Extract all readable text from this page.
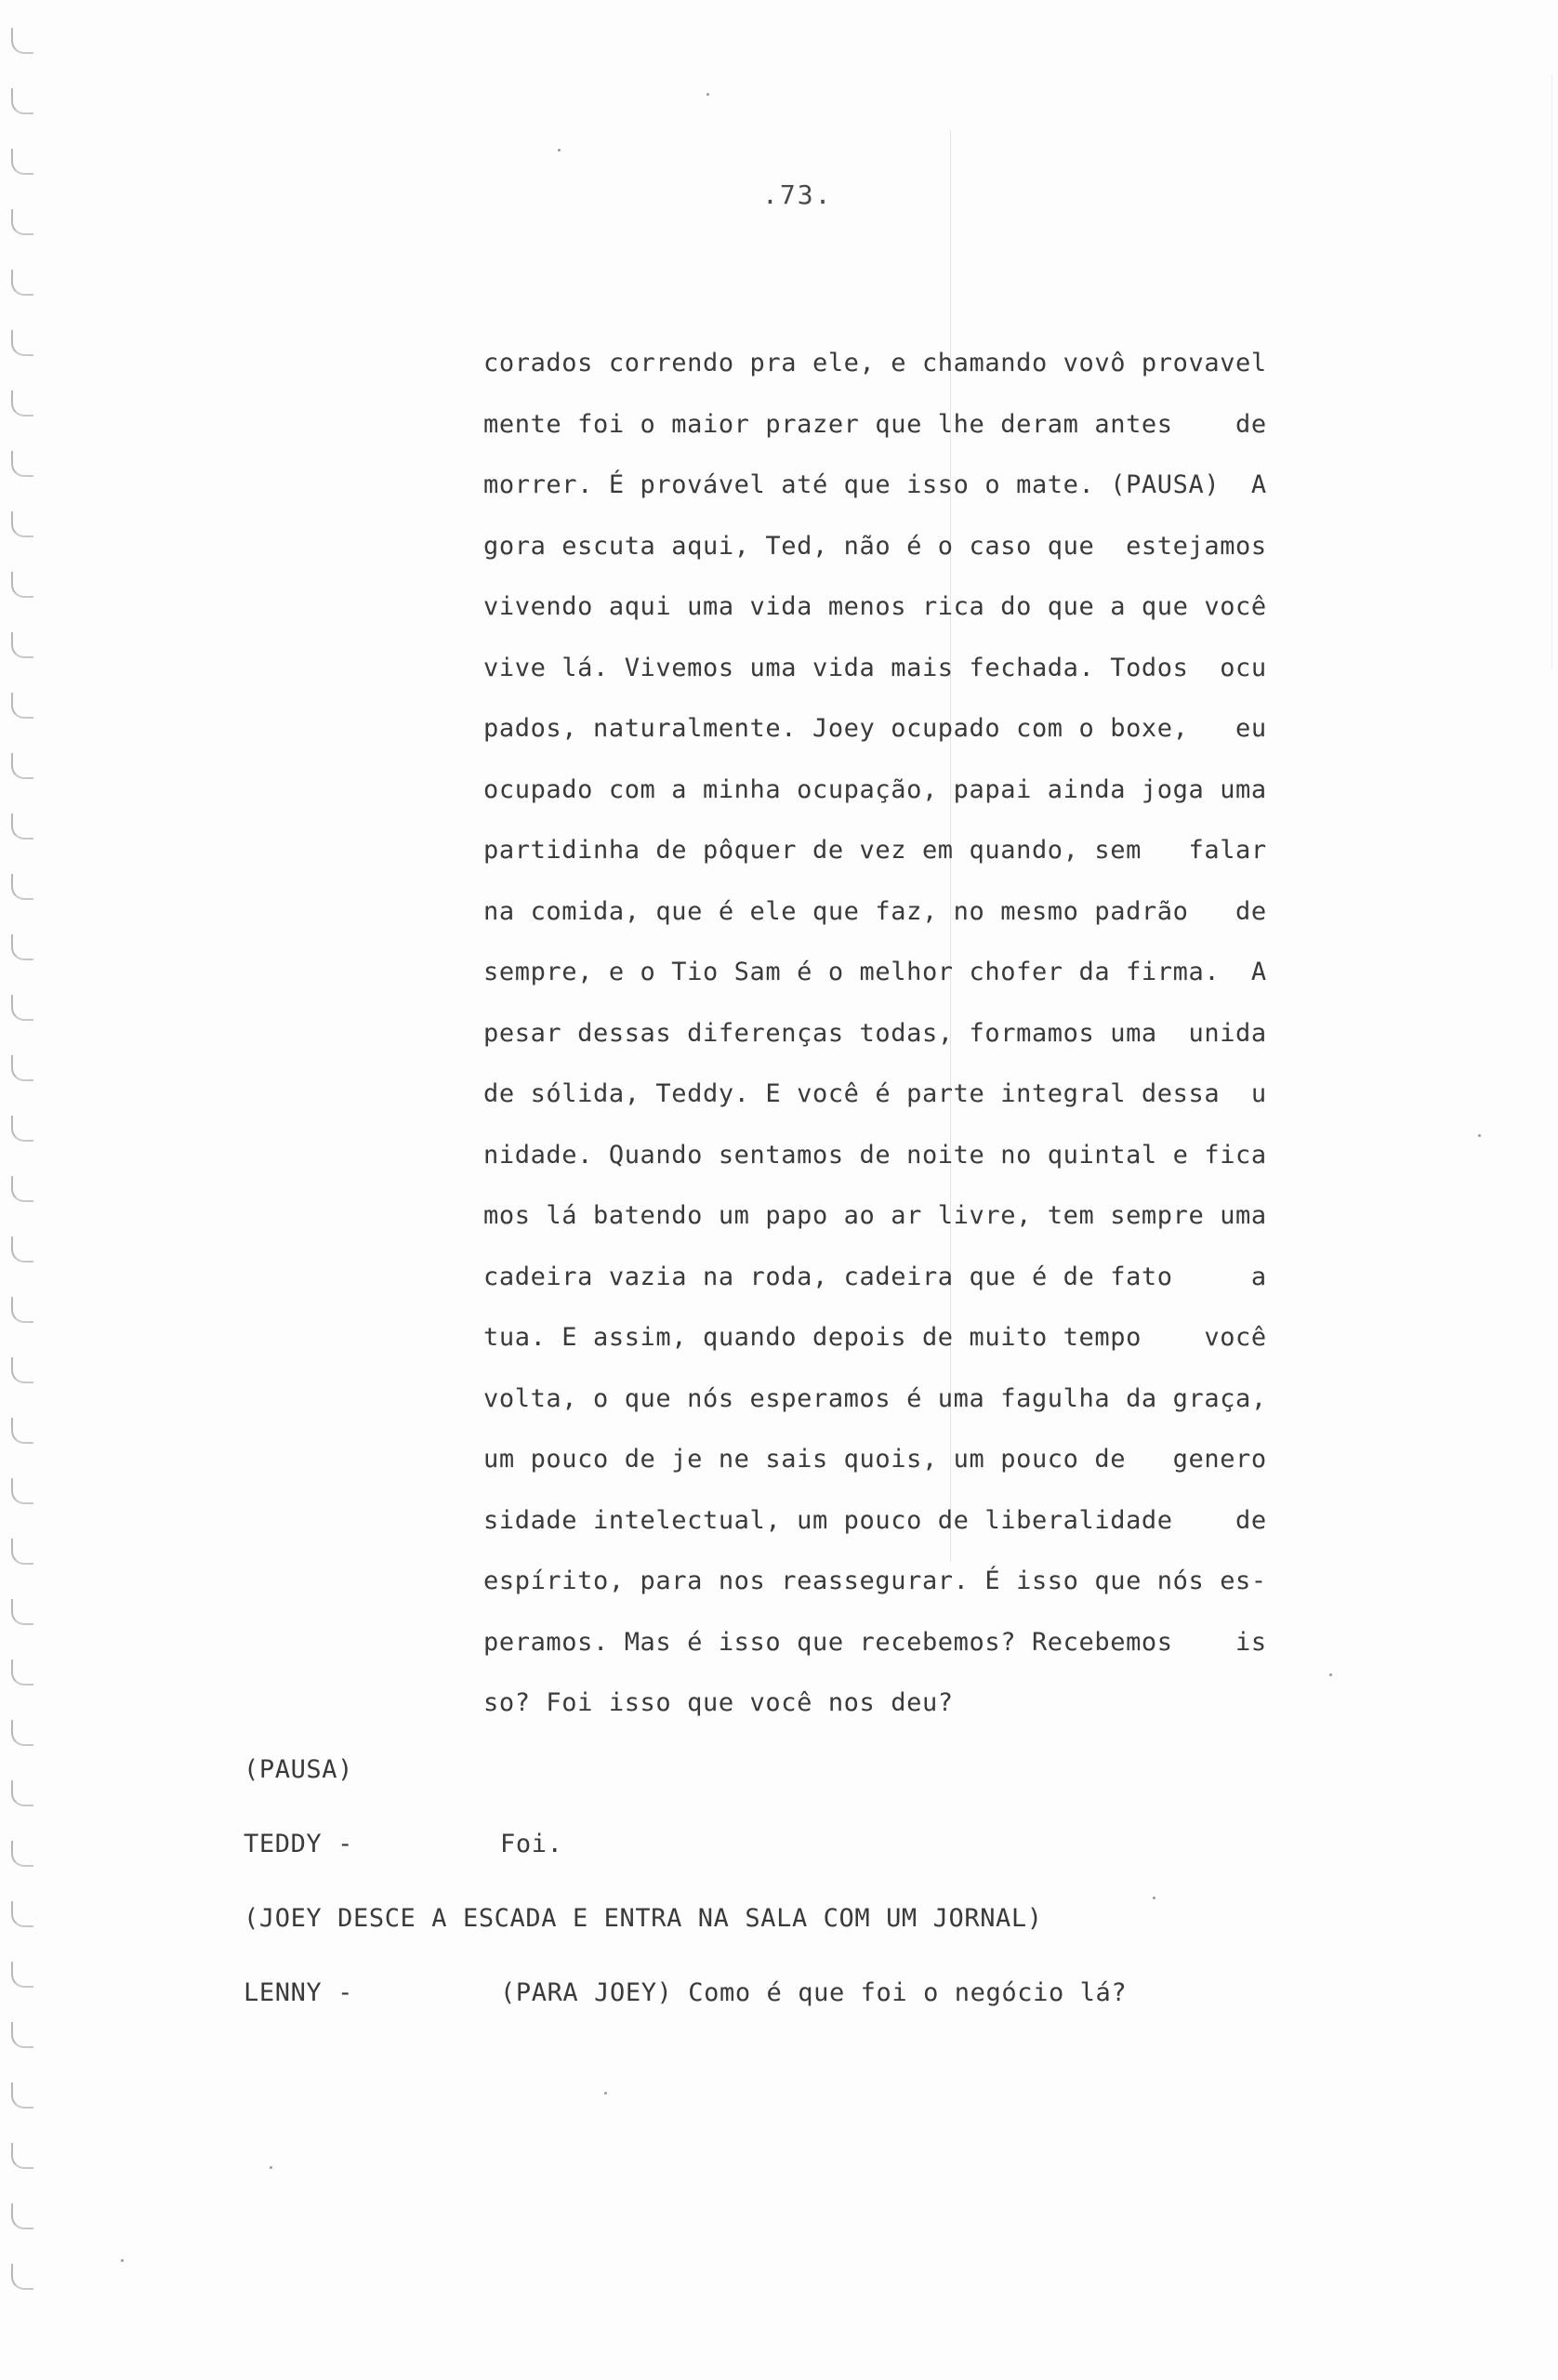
.73.
corados correndo pra ele, e chamando vovô provavel
mente foi o maior prazer que lhe deram antes    de
morrer. É provável até que isso o mate. (PAUSA)  A
gora escuta aqui, Ted, não é o caso que  estejamos
vivendo aqui uma vida menos rica do que a que você
vive lá. Vivemos uma vida mais fechada. Todos  ocu
pados, naturalmente. Joey ocupado com o boxe,   eu
ocupado com a minha ocupação, papai ainda joga uma
partidinha de pôquer de vez em quando, sem   falar
na comida, que é ele que faz, no mesmo padrão   de
sempre, e o Tio Sam é o melhor chofer da firma.  A
pesar dessas diferenças todas, formamos uma  unida
de sólida, Teddy. E você é parte integral dessa  u
nidade. Quando sentamos de noite no quintal e fica
mos lá batendo um papo ao ar livre, tem sempre uma
cadeira vazia na roda, cadeira que é de fato     a
tua. E assim, quando depois de muito tempo    você
volta, o que nós esperamos é uma fagulha da graça,
um pouco de je ne sais quois, um pouco de   genero
sidade intelectual, um pouco de liberalidade    de
espírito, para nos reassegurar. É isso que nós es-
peramos. Mas é isso que recebemos? Recebemos    is
so? Foi isso que você nos deu?
(PAUSA)
TEDDY -	Foi.
(JOEY DESCE A ESCADA E ENTRA NA SALA COM UM JORNAL)
LENNY -	(PARA JOEY) Como é que foi o negócio lá?
